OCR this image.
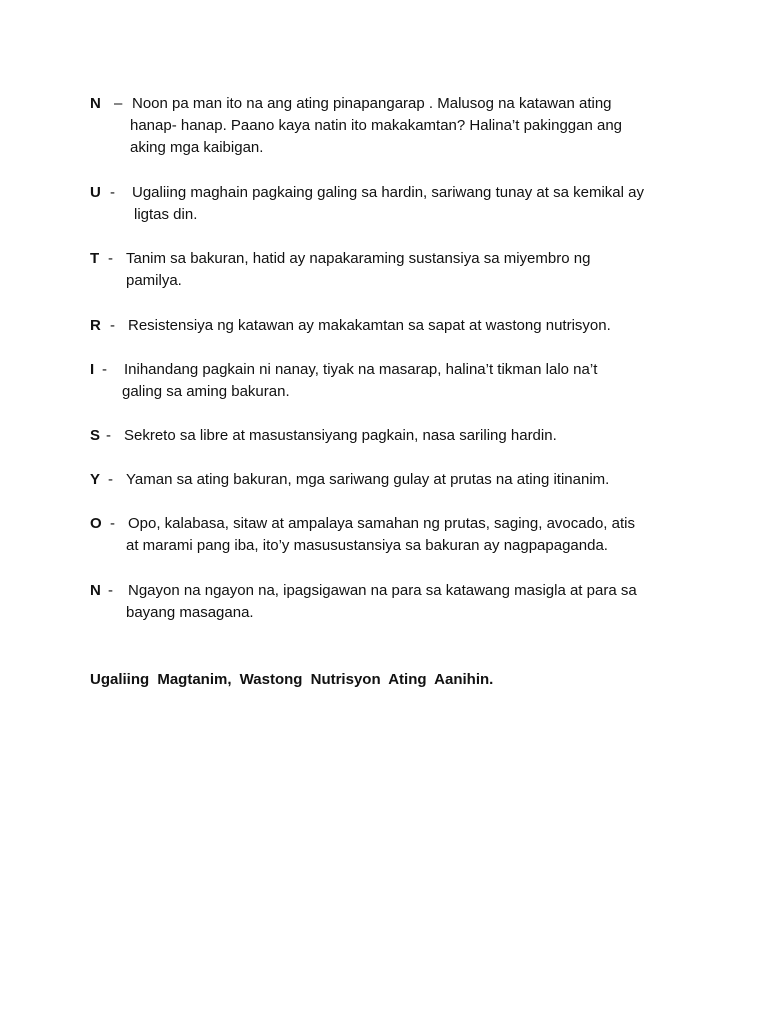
N – Noon pa man ito na ang ating pinapangarap . Malusog na katawan ating
hanap- hanap. Paano kaya natin ito makakamtan? Halina’t pakinggan ang
aking mga kaibigan.
U - Ugaliing maghain pagkaing galing sa hardin, sariwang tunay at sa kemikal ay
ligtas din.
T - Tanim sa bakuran, hatid ay napakaraming sustansiya sa miyembro ng
pamilya.
R - Resistensiya ng katawan ay makakamtan sa sapat at wastong nutrisyon.
I - Inihandang pagkain ni nanay, tiyak na masarap, halina’t tikman lalo na’t
galing sa aming bakuran.
S - Sekreto sa libre at masustansiyang pagkain, nasa sariling hardin.
Y - Yaman sa ating bakuran, mga sariwang gulay at prutas na ating itinanim.
O - Opo, kalabasa, sitaw at ampalaya samahan ng prutas, saging, avocado, atis
at marami pang iba, ito’y masusustansiya sa bakuran ay nagpapaganda.
N - Ngayon na ngayon na, ipagsigawan na para sa katawang masigla at para sa
bayang masagana.
Ugaliing Magtanim, Wastong Nutrisyon Ating Aanihin.
